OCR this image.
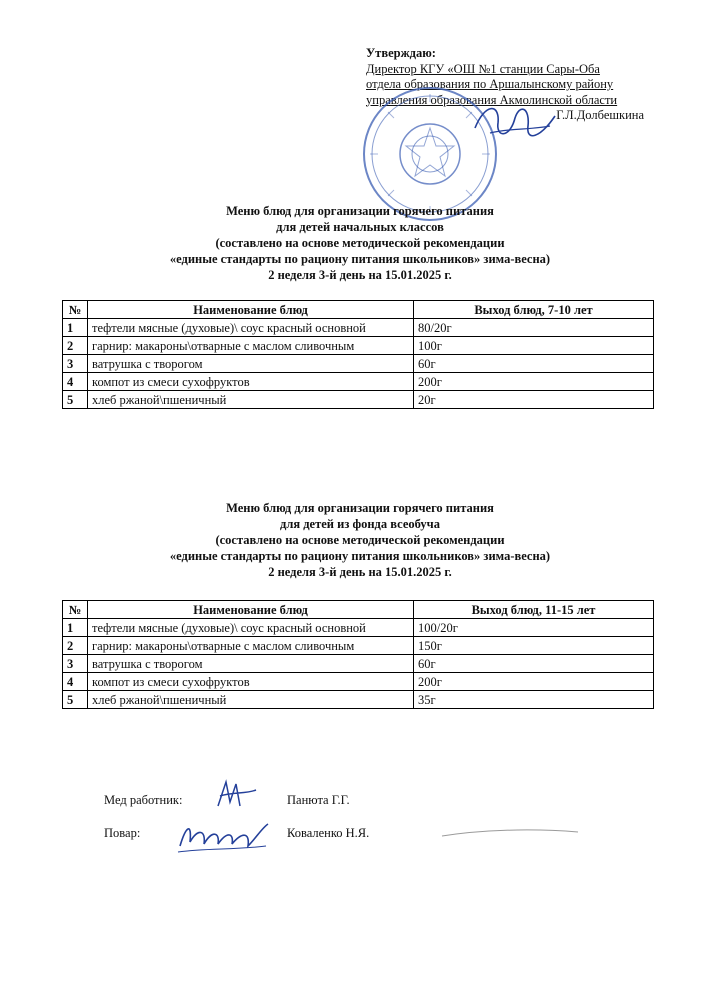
Утверждаю:
Директор КГУ «ОШ №1 станции Сары-Оба
отдела образования по Аршалынскому району
управления образования Акмолинской области
Г.Л.Долбешкина
Меню блюд для организации горячего питания
для детей начальных классов
(составлено на основе методической рекомендации
«единые стандарты по рациону питания школьников» зима-весна)
2 неделя 3-й день на 15.01.2025 г.
№	Наименование блюд	Выход блюд, 7-10 лет
1	тефтели мясные (духовые)\ соус красный основной	80/20г
2	гарнир: макароны\отварные с маслом сливочным	100г
3	ватрушка с творогом	60г
4	компот из смеси сухофруктов	200г
5	хлеб ржаной\пшеничный	20г
Меню блюд для организации горячего питания
для детей из фонда всеобуча
(составлено на основе методической рекомендации
«единые стандарты по рациону питания школьников» зима-весна)
2 неделя 3-й день на 15.01.2025 г.
№	Наименование блюд	Выход блюд, 11-15 лет
1	тефтели мясные (духовые)\ соус красный основной	100/20г
2	гарнир: макароны\отварные с маслом сливочным	150г
3	ватрушка с творогом	60г
4	компот из смеси сухофруктов	200г
5	хлеб ржаной\пшеничный	35г
Мед работник:	Панюта Г.Г.
Повар:	Коваленко Н.Я.
